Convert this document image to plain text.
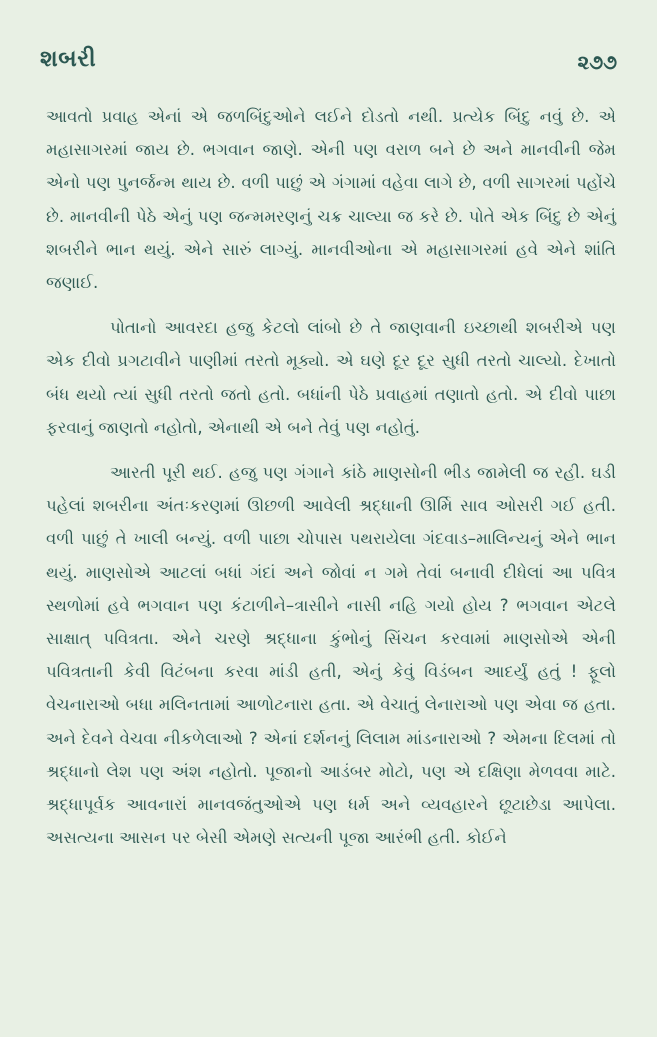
શબરી	૨૭૭

આવતો પ્રવાહ એનાં એ જળબિંદુઓને લઈને દોડતો નથી. પ્રત્યેક બિંદુ નવું છે. એ મહાસાગરમાં જાય છે. ભગવાન જાણે. એની પણ વરાળ બને છે અને માનવીની જેમ એનો પણ પુનર્જન્મ થાય છે. વળી પાછું એ ગંગામાં વહેવા લાગે છે, વળી સાગરમાં પહોંચે છે. માનવીની પેઠે એનું પણ જન્મમરણનું ચક્ર ચાલ્યા જ કરે છે. પોતે એક બિંદુ છે એનું શબરીને ભાન થયું. એને સારું લાગ્યું. માનવીઓના એ મહાસાગરમાં હવે એને શાંતિ જણાઈ.

પોતાનો આવરદા હજુ કેટલો લાંબો છે તે જાણવાની ઇચ્છાથી શબરીએ પણ એક દીવો પ્રગટાવીને પાણીમાં તરતો મૂક્યો. એ ઘણે દૂર દૂર સુધી તરતો ચાલ્યો. દેખાતો બંધ થયો ત્યાં સુધી તરતો જતો હતો. બધાંની પેઠે પ્રવાહમાં તણાતો હતો. એ દીવો પાછા ફરવાનું જાણતો નહોતો, એનાથી એ બને તેવું પણ નહોતું.

આરતી પૂરી થઈ. હજુ પણ ગંગાને કાંઠે માણસોની ભીડ જામેલી જ રહી. ઘડી પહેલાં શબરીના અંતઃકરણમાં ઊછળી આવેલી શ્રદ્ધાની ઊર્મિ સાવ ઓસરી ગઈ હતી. વળી પાછું તે ખાલી બન્યું. વળી પાછા ચોપાસ પથરાયેલા ગંદવાડ–માલિન્યનું એને ભાન થયું. માણસોએ આટલાં બધાં ગંદાં અને જોવાં ન ગમે તેવાં બનાવી દીધેલાં આ પવિત્ર સ્થળોમાં હવે ભગવાન પણ કંટાળીને–ત્રાસીને નાસી નહિ ગયો હોય ? ભગવાન એટલે સાક્ષાત્ પવિત્રતા. એને ચરણે શ્રદ્ધાના કુંભોનું સિંચન કરવામાં માણસોએ એની પવિત્રતાની કેવી વિટંબના કરવા માંડી હતી, એનું કેવું વિડંબન આદર્યું હતું ! ફૂલો વેચનારાઓ બધા મલિનતામાં આળોટનારા હતા. એ વેચાતું લેનારાઓ પણ એવા જ હતા. અને દેવને વેચવા નીકળેલાઓ ? એનાં દર્શનનું લિલામ માંડનારાઓ ? એમના દિલમાં તો શ્રદ્ધાનો લેશ પણ અંશ નહોતો. પૂજાનો આડંબર મોટો, પણ એ દક્ષિણા મેળવવા માટે. શ્રદ્ધાપૂર્વક આવનારાં માનવજંતુઓએ પણ ધર્મ અને વ્યવહારને છૂટાછેડા આપેલા. અસત્યના આસન પર બેસી એમણે સત્યની પૂજા આરંભી હતી. કોઈને
